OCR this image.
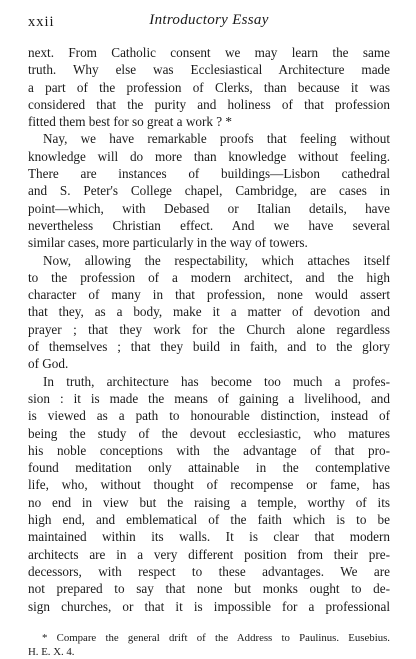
xxii	Introductory Essay

next. From Catholic consent we may learn the same
truth. Why else was Ecclesiastical Architecture made
a part of the profession of Clerks, than because it was
considered that the purity and holiness of that profession
fitted them best for so great a work ? *

Nay, we have remarkable proofs that feeling without
knowledge will do more than knowledge without feeling.
There are instances of buildings—Lisbon cathedral
and S. Peter's College chapel, Cambridge, are cases in
point—which, with Debased or Italian details, have
nevertheless Christian effect. And we have several
similar cases, more particularly in the way of towers.

Now, allowing the respectability, which attaches itself
to the profession of a modern architect, and the high
character of many in that profession, none would assert
that they, as a body, make it a matter of devotion and
prayer ; that they work for the Church alone regardless
of themselves ; that they build in faith, and to the glory
of God.

In truth, architecture has become too much a profes-
sion : it is made the means of gaining a livelihood, and
is viewed as a path to honourable distinction, instead of
being the study of the devout ecclesiastic, who matures
his noble conceptions with the advantage of that pro-
found meditation only attainable in the contemplative
life, who, without thought of recompense or fame, has
no end in view but the raising a temple, worthy of its
high end, and emblematical of the faith which is to be
maintained within its walls. It is clear that modern
architects are in a very different position from their pre-
decessors, with respect to these advantages. We are
not prepared to say that none but monks ought to de-
sign churches, or that it is impossible for a professional

* Compare the general drift of the Address to Paulinus. Eusebius.
H. E. X. 4.
